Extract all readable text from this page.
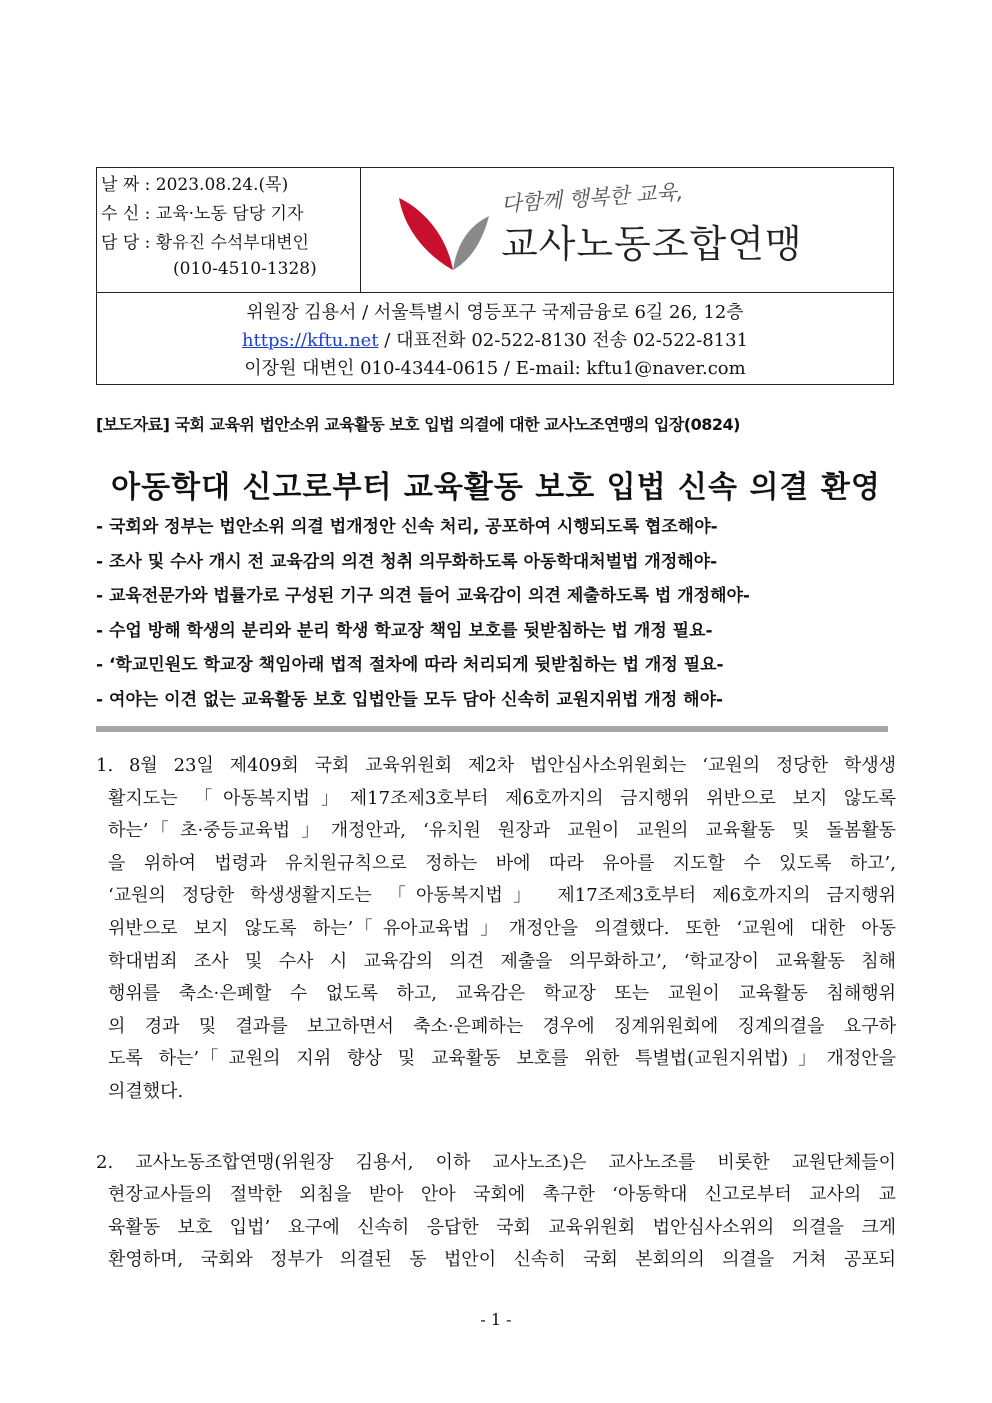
날 짜 : 2023.08.24.(목)
수 신 : 교육·노동 담당 기자
담 당 : 황유진 수석부대변인
(010-4510-1328)
다함께 행복한 교육,
교사노동조합연맹
위원장 김용서 / 서울특별시 영등포구 국제금융로 6길 26, 12층
https://kftu.net / 대표전화 02-522-8130 전송 02-522-8131
이장원 대변인 010-4344-0615 / E-mail: kftu1@naver.com
[보도자료] 국회 교육위 법안소위 교육활동 보호 입법 의결에 대한 교사노조연맹의 입장(0824)
아동학대 신고로부터 교육활동 보호 입법 신속 의결 환영
- 국회와 정부는 법안소위 의결 법개정안 신속 처리, 공포하여 시행되도록 협조해야-
- 조사 및 수사 개시 전 교육감의 의견 청취 의무화하도록 아동학대처벌법 개정해야-
- 교육전문가와 법률가로 구성된 기구 의견 들어 교육감이 의견 제출하도록 법 개정해야-
- 수업 방해 학생의 분리와 분리 학생 학교장 책임 보호를 뒷받침하는 법 개정 필요-
- ‘학교민원도 학교장 책임아래 법적 절차에 따라 처리되게 뒷받침하는 법 개정 필요-
- 여야는 이견 없는 교육활동 보호 입법안들 모두 담아 신속히 교원지위법 개정 해야-
1. 8월 23일 제409회 국회 교육위원회 제2차 법안심사소위원회는 ‘교원의 정당한 학생생
활지도는 「아동복지법」제17조제3호부터 제6호까지의 금지행위 위반으로 보지 않도록
하는’「초·중등교육법」개정안과, ‘유치원 원장과 교원이 교원의 교육활동 및 돌봄활동
을 위하여 법령과 유치원규칙으로 정하는 바에 따라 유아를 지도할 수 있도록 하고’,
‘교원의 정당한 학생생활지도는 「아동복지법」 제17조제3호부터 제6호까지의 금지행위
위반으로 보지 않도록 하는’「유아교육법」개정안을 의결했다. 또한 ‘교원에 대한 아동
학대범죄 조사 및 수사 시 교육감의 의견 제출을 의무화하고’, ‘학교장이 교육활동 침해
행위를 축소·은폐할 수 없도록 하고, 교육감은 학교장 또는 교원이 교육활동 침해행위
의 경과 및 결과를 보고하면서 축소·은폐하는 경우에 징계위원회에 징계의결을 요구하
도록 하는’「교원의 지위 향상 및 교육활동 보호를 위한 특별법(교원지위법)」개정안을
의결했다.
2. 교사노동조합연맹(위원장 김용서, 이하 교사노조)은 교사노조를 비롯한 교원단체들이
현장교사들의 절박한 외침을 받아 안아 국회에 촉구한 ‘아동학대 신고로부터 교사의 교
육활동 보호 입법’ 요구에 신속히 응답한 국회 교육위원회 법안심사소위의 의결을 크게
환영하며, 국회와 정부가 의결된 동 법안이 신속히 국회 본회의의 의결을 거쳐 공포되
- 1 -
